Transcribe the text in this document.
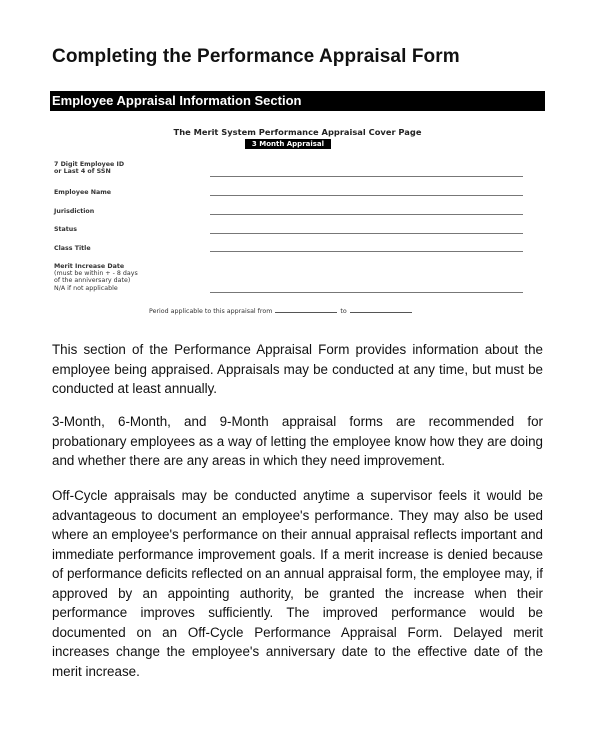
Completing the Performance Appraisal Form
Employee Appraisal Information Section
The Merit System Performance Appraisal Cover Page
3 Month Appraisal
7 Digit Employee ID
or Last 4 of SSN
Employee Name
Jurisdiction
Status
Class Title
Merit Increase Date
(must be within + - 8 days
of the anniversary date)
N/A if not applicable
Period applicable to this appraisal from	to

This section of the Performance Appraisal Form provides information about the employee being appraised. Appraisals may be conducted at any time, but must be conducted at least annually.

3-Month, 6-Month, and 9-Month appraisal forms are recommended for probationary employees as a way of letting the employee know how they are doing and whether there are any areas in which they need improvement.

Off-Cycle appraisals may be conducted anytime a supervisor feels it would be advantageous to document an employee's performance. They may also be used where an employee's performance on their annual appraisal reflects important and immediate performance improvement goals. If a merit increase is denied because of performance deficits reflected on an annual appraisal form, the employee may, if approved by an appointing authority, be granted the increase when their performance improves sufficiently. The improved performance would be documented on an Off-Cycle Performance Appraisal Form. Delayed merit increases change the employee's anniversary date to the effective date of the merit increase.
